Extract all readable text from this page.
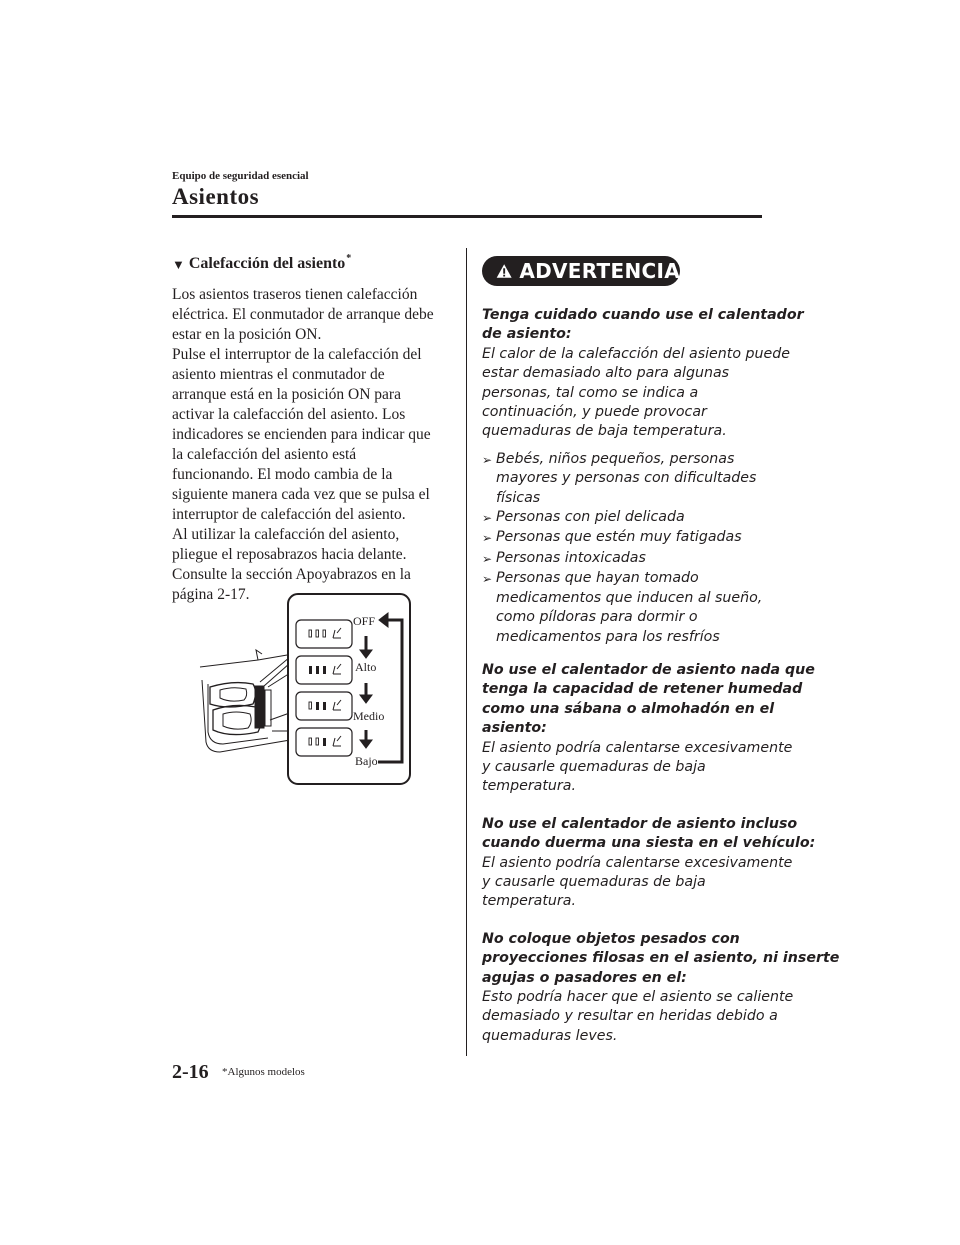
Equipo de seguridad esencial
Asientos
▼ Calefacción del asiento*
Los asientos traseros tienen calefacción
eléctrica. El conmutador de arranque debe
estar en la posición ON.
Pulse el interruptor de la calefacción del
asiento mientras el conmutador de
arranque está en la posición ON para
activar la calefacción del asiento. Los
indicadores se encienden para indicar que
la calefacción del asiento está
funcionando. El modo cambia de la
siguiente manera cada vez que se pulsa el
interruptor de calefacción del asiento.
Al utilizar la calefacción del asiento,
pliegue el reposabrazos hacia delante.
Consulte la sección Apoyabrazos en la
página 2-17.
OFF
Alto
Medio
Bajo
ADVERTENCIA
Tenga cuidado cuando use el calentador
de asiento:
El calor de la calefacción del asiento puede
estar demasiado alto para algunas
personas, tal como se indica a
continuación, y puede provocar
quemaduras de baja temperatura.
➢ Bebés, niños pequeños, personas
mayores y personas con dificultades
físicas
➢ Personas con piel delicada
➢ Personas que estén muy fatigadas
➢ Personas intoxicadas
➢ Personas que hayan tomado
medicamentos que inducen al sueño,
como píldoras para dormir o
medicamentos para los resfríos
No use el calentador de asiento nada que
tenga la capacidad de retener humedad
como una sábana o almohadón en el
asiento:
El asiento podría calentarse excesivamente
y causarle quemaduras de baja
temperatura.
No use el calentador de asiento incluso
cuando duerma una siesta en el vehículo:
El asiento podría calentarse excesivamente
y causarle quemaduras de baja
temperatura.
No coloque objetos pesados con
proyecciones filosas en el asiento, ni inserte
agujas o pasadores en el:
Esto podría hacer que el asiento se caliente
demasiado y resultar en heridas debido a
quemaduras leves.
2-16 *Algunos modelos
